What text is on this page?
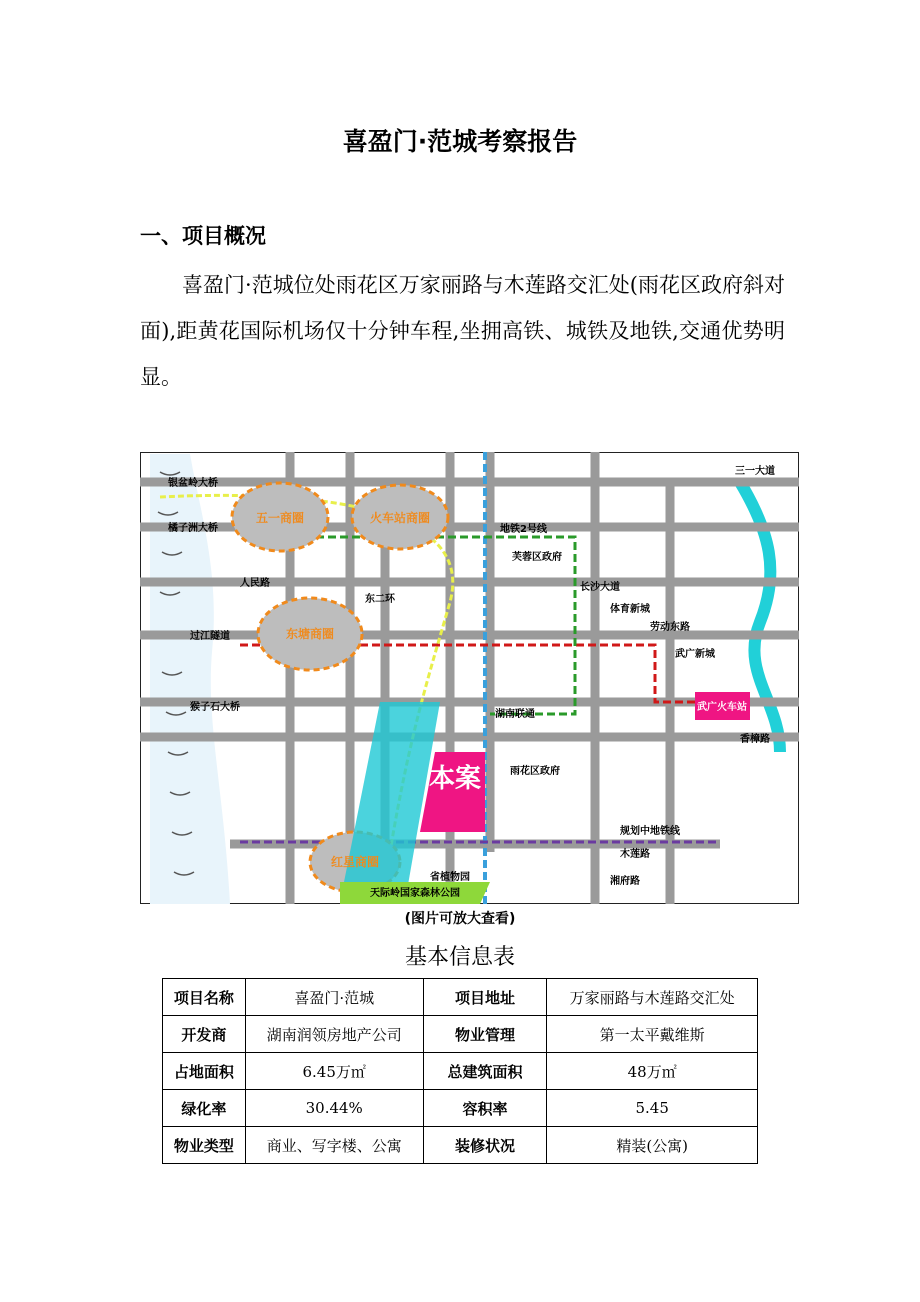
喜盈门·范城考察报告
一、项目概况
喜盈门·范城位处雨花区万家丽路与木莲路交汇处(雨花区政府斜对面),距黄花国际机场仅十分钟车程,坐拥高铁、城铁及地铁,交通优势明显。
本案
武广火车站
五一商圈	火车站商圈
东塘商圈
红星商圈
银盆岭大桥
橘子洲大桥
人民路
过江隧道
猴子石大桥
东二环
地铁2号线
长沙大道
劳动东路
三一大道
香樟路
木莲路
湘府路
体育新城
武广新城
湖南联通
芙蓉区政府
雨花区政府
天际岭国家森林公园
省植物园
规划中地铁线
(图片可放大查看)
基本信息表
项目名称	喜盈门·范城	项目地址	万家丽路与木莲路交汇处
开发商	湖南润领房地产公司	物业管理	第一太平戴维斯
占地面积	6.45万㎡	总建筑面积	48万㎡
绿化率	30.44%	容积率	5.45
物业类型	商业、写字楼、公寓	装修状况	精装(公寓)
